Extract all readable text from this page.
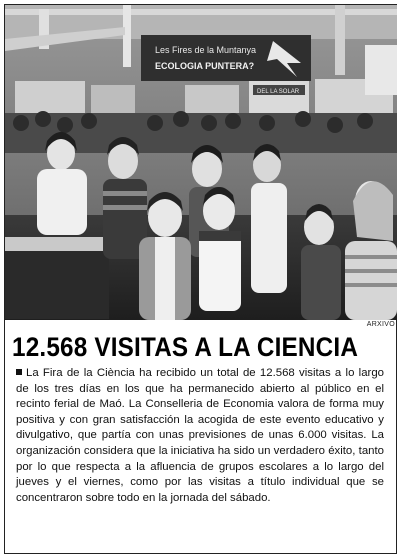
Les Fires de la Muntanya
ECOLOGIA PUNTERA?
DEL LA SOLAR
ARXIVO
12.568 VISITAS A LA CIENCIA

La Fira de la Ciència ha recibido un total de 12.568 visitas a lo largo de los tres días en los que ha permanecido abierto al público en el recinto ferial de Maó. La Conselleria de Economia valora de forma muy positiva y con gran satisfacción la acogida de este evento educativo y divulgativo, que partía con unas previsiones de unas 6.000 visitas. La organización considera que la iniciativa ha sido un verdadero éxito, tanto por lo que respecta a la afluencia de grupos escolares a lo largo del jueves y el viernes, como por las visitas a título individual que se concentraron sobre todo en la jornada del sábado.
